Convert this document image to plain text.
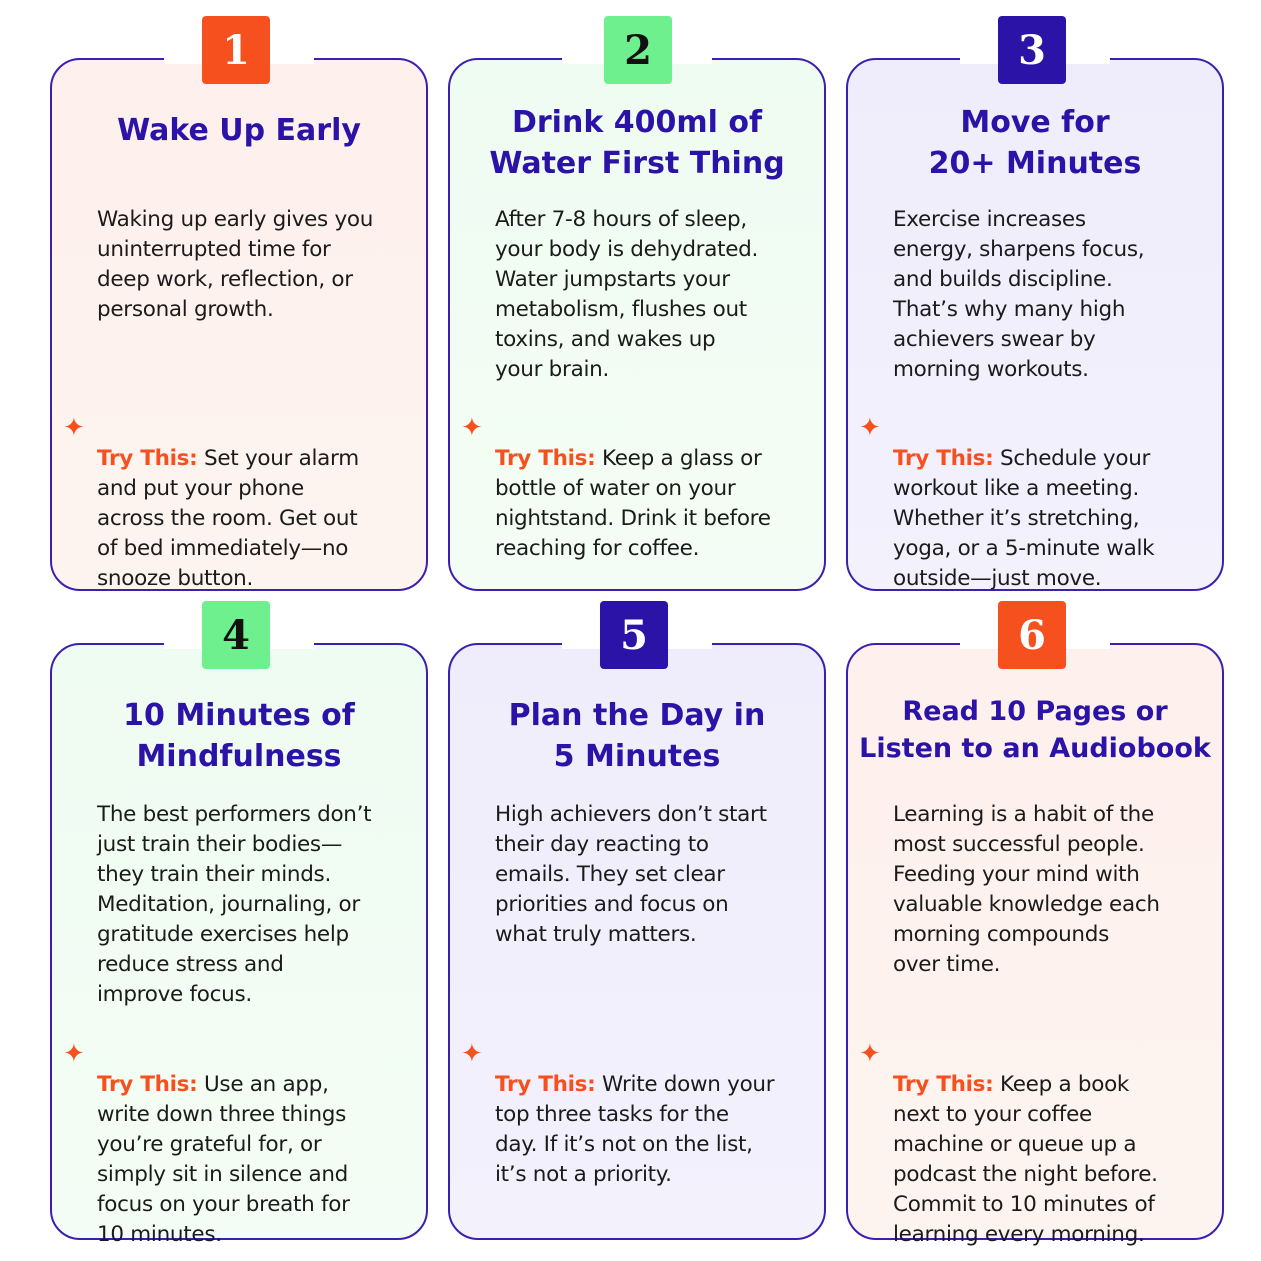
1
Wake Up Early
Waking up early gives you
uninterrupted time for
deep work, reflection, or
personal growth.

✦
Try This: Set your alarm
and put your phone
across the room. Get out
of bed immediately—no
snooze button.

2
Drink 400ml of
Water First Thing
After 7-8 hours of sleep,
your body is dehydrated.
Water jumpstarts your
metabolism, flushes out
toxins, and wakes up
your brain.

✦
Try This: Keep a glass or
bottle of water on your
nightstand. Drink it before
reaching for coffee.

3
Move for
20+ Minutes
Exercise increases
energy, sharpens focus,
and builds discipline.
That’s why many high
achievers swear by
morning workouts.

✦
Try This: Schedule your
workout like a meeting.
Whether it’s stretching,
yoga, or a 5-minute walk
outside—just move.

4
10 Minutes of
Mindfulness
The best performers don’t
just train their bodies—
they train their minds.
Meditation, journaling, or
gratitude exercises help
reduce stress and
improve focus.

✦
Try This: Use an app,
write down three things
you’re grateful for, or
simply sit in silence and
focus on your breath for
10 minutes.

5
Plan the Day in
5 Minutes
High achievers don’t start
their day reacting to
emails. They set clear
priorities and focus on
what truly matters.

✦
Try This: Write down your
top three tasks for the
day. If it’s not on the list,
it’s not a priority.

6
Read 10 Pages or
Listen to an Audiobook
Learning is a habit of the
most successful people.
Feeding your mind with
valuable knowledge each
morning compounds
over time.

✦
Try This: Keep a book
next to your coffee
machine or queue up a
podcast the night before.
Commit to 10 minutes of
learning every morning.
